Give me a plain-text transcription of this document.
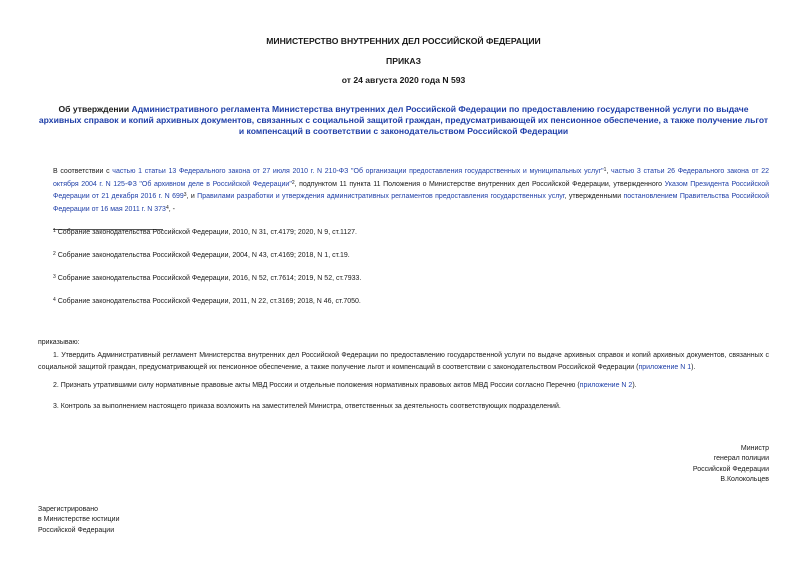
МИНИСТЕРСТВО ВНУТРЕННИХ ДЕЛ РОССИЙСКОЙ ФЕДЕРАЦИИ
ПРИКАЗ
от 24 августа 2020 года N 593
Об утверждении Административного регламента Министерства внутренних дел Российской Федерации по предоставлению государственной услуги по выдаче архивных справок и копий архивных документов, связанных с социальной защитой граждан, предусматривающей их пенсионное обеспечение, а также получение льгот и компенсаций в соответствии с законодательством Российской Федерации
В соответствии с частью 1 статьи 13 Федерального закона от 27 июля 2010 г. N 210-ФЗ "Об организации предоставления государственных и муниципальных услуг"$^1$, частью 3 статьи 26 Федерального закона от 22 октября 2004 г. N 125-ФЗ "Об архивном деле в Российской Федерации"$^2$, подпунктом 11 пункта 11 Положения о Министерстве внутренних дел Российской Федерации, утвержденного Указом Президента Российской Федерации от 21 декабря 2016 г. N $699^3$, и Правилами разработки и утверждения административных регламентов предоставления государственных услуг, утвержденными постановлением Правительства Российской Федерации от 16 мая 2011 г. N $373^4$, -
$^1$ Собрание законодательства Российской Федерации, 2010, N 31, ст.4179; 2020, N 9, ст.1127.
$^2$ Собрание законодательства Российской Федерации, 2004, N 43, ст.4169; 2018, N 1, ст.19.
$^3$ Собрание законодательства Российской Федерации, 2016, N 52, ст.7614; 2019, N 52, ст.7933.
$^4$ Собрание законодательства Российской Федерации, 2011, N 22, ст.3169; 2018, N 46, ст.7050.
приказываю:
1. Утвердить Административный регламент Министерства внутренних дел Российской Федерации по предоставлению государственной услуги по выдаче архивных справок и копий архивных документов, связанных с социальной защитой граждан, предусматривающей их пенсионное обеспечение, а также получение льгот и компенсаций в соответствии с законодательством Российской Федерации (приложение N 1).
2. Признать утратившими силу нормативные правовые акты МВД России и отдельные положения нормативных правовых актов МВД России согласно Перечню (приложение N 2).
3. Контроль за выполнением настоящего приказа возложить на заместителей Министра, ответственных за деятельность соответствующих подразделений.
Министр
генерал полиции
Российской Федерации
В.Колокольцев
Зарегистрировано
в Министерстве юстиции
Российской Федерации
